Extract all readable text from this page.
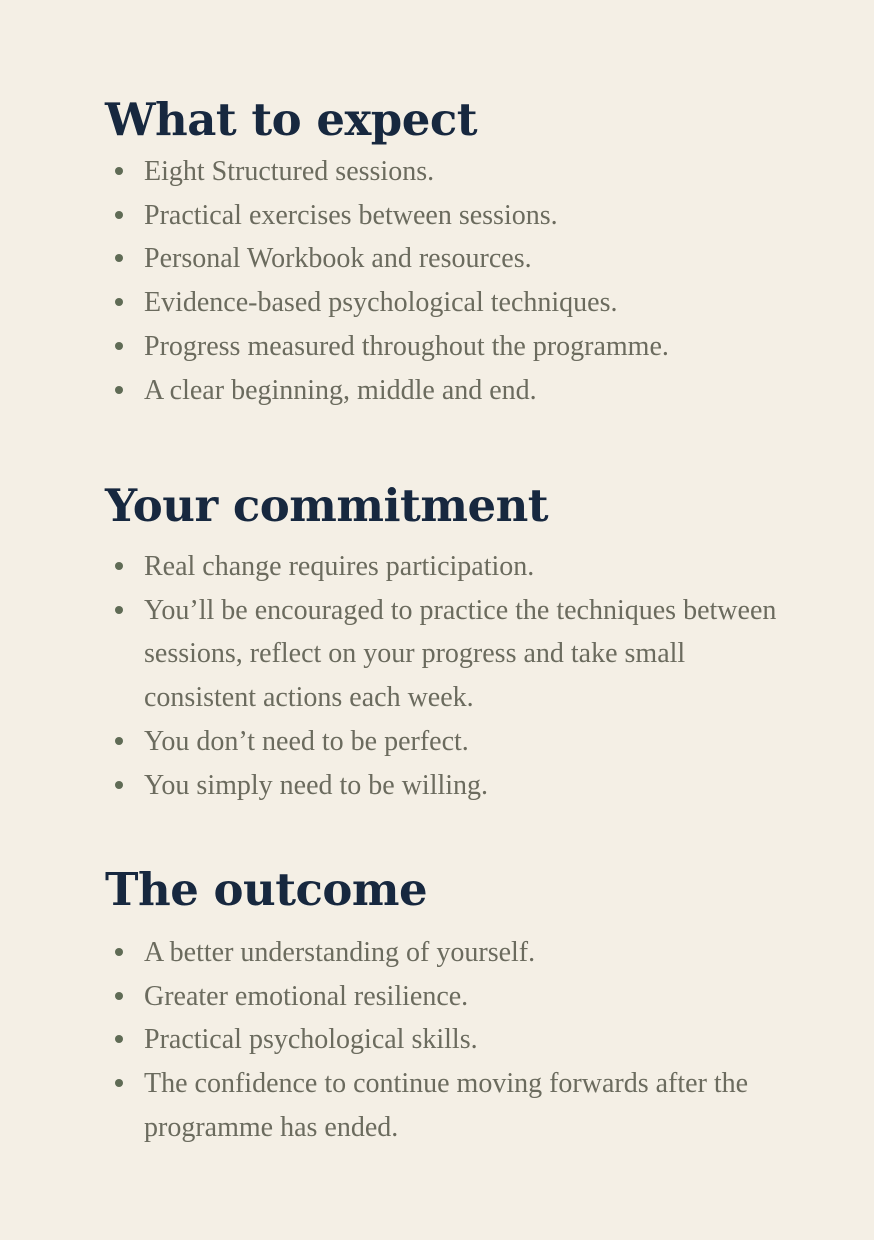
What to expect
Eight Structured sessions.
Practical exercises between sessions.
Personal Workbook and resources.
Evidence-based psychological techniques.
Progress measured throughout the programme.
A clear beginning, middle and end.
Your commitment
Real change requires participation.
You’ll be encouraged to practice the techniques between sessions, reflect on your progress and take small consistent actions each week.
You don’t need to be perfect.
You simply need to be willing.
The outcome
A better understanding of yourself.
Greater emotional resilience.
Practical psychological skills.
The confidence to continue moving forwards after the programme has ended.
